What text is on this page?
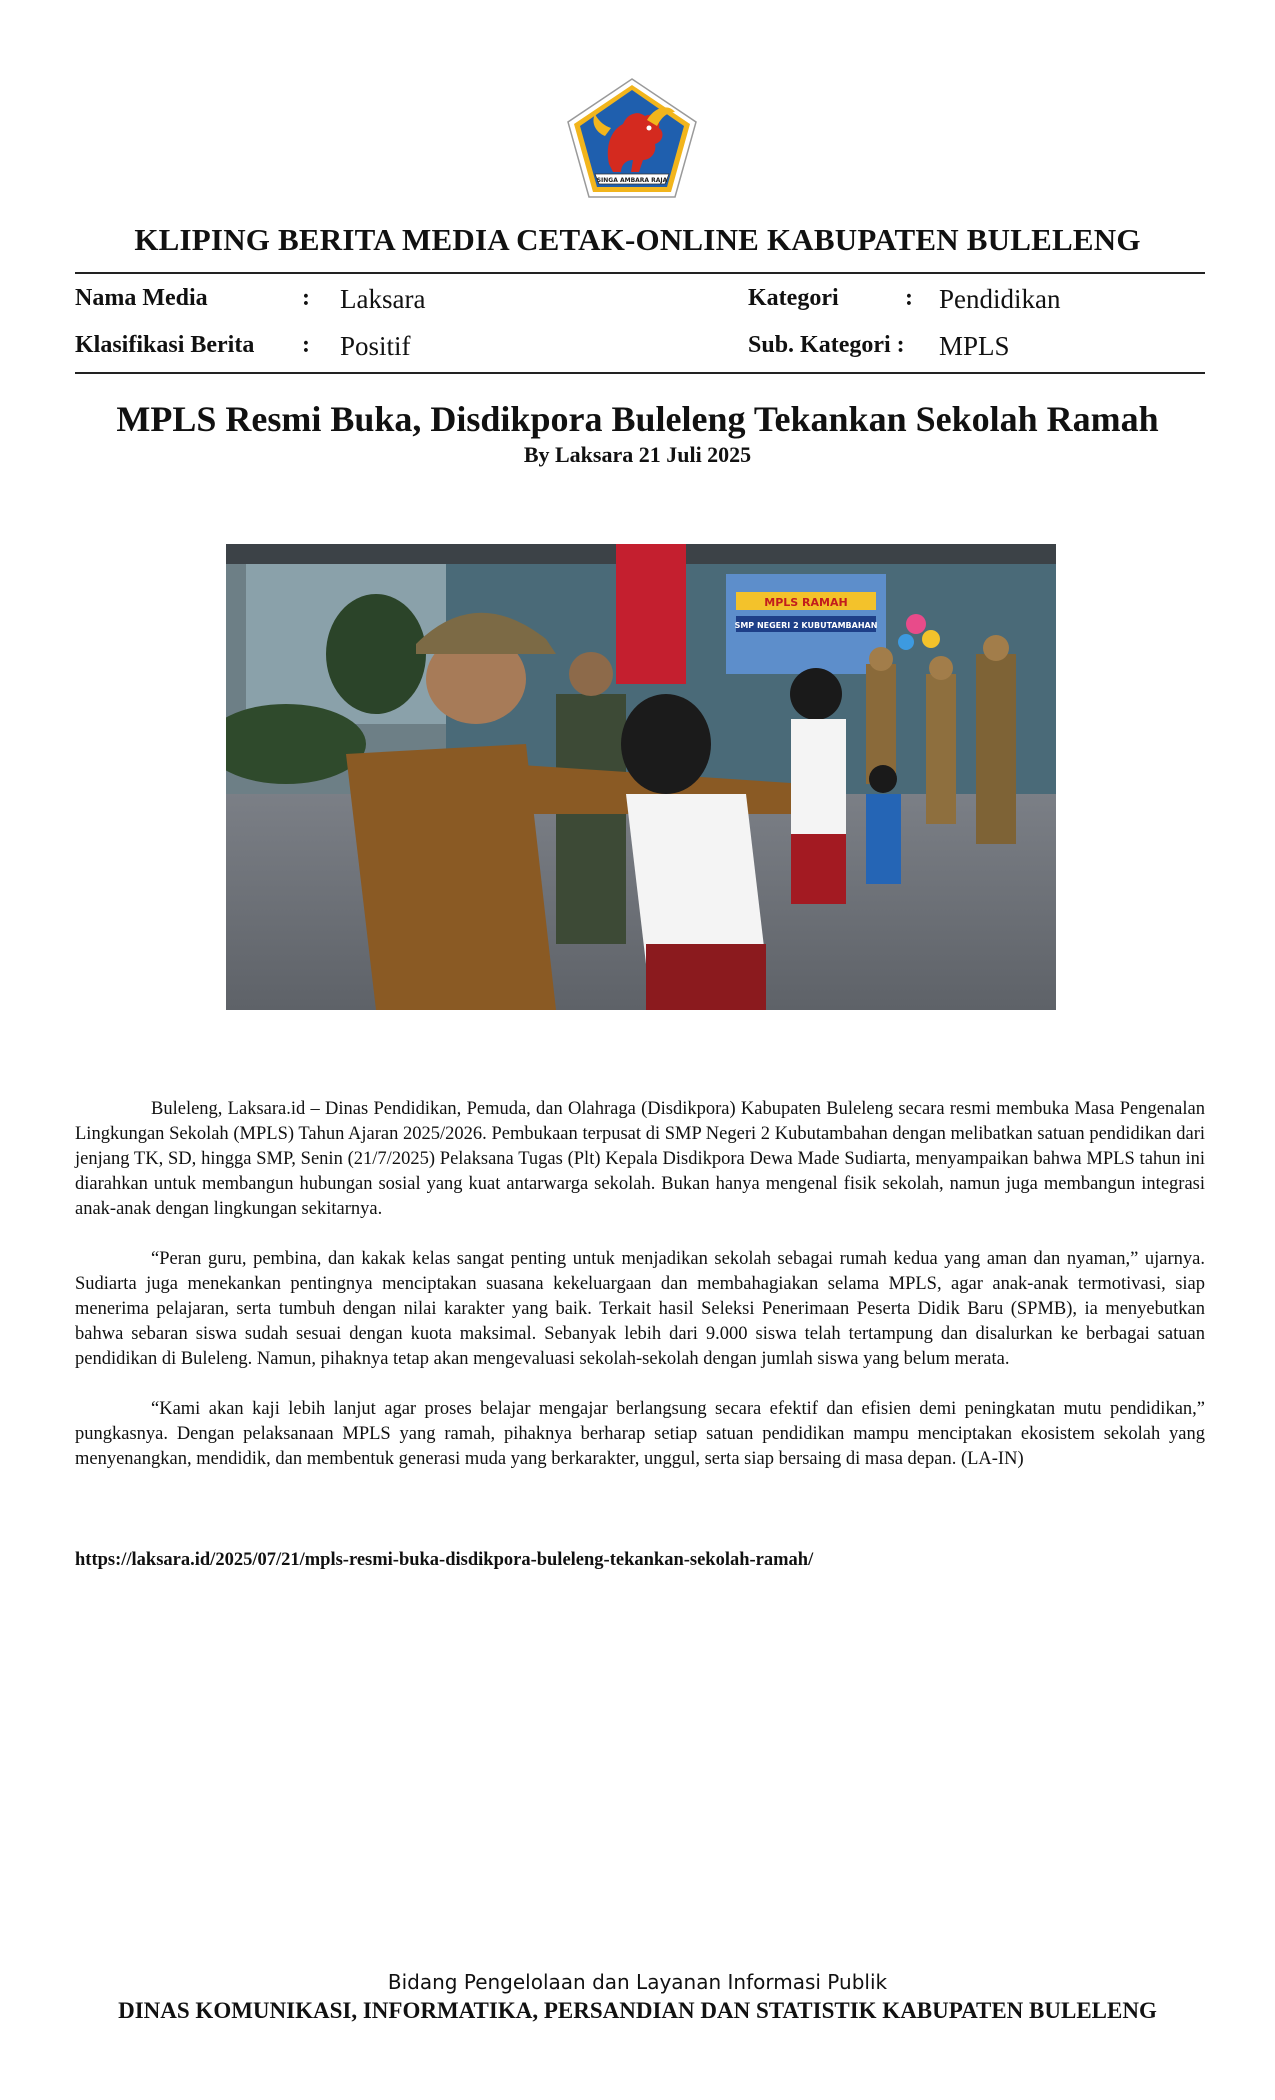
SINGA AMBARA RAJA
KLIPING BERITA MEDIA CETAK-ONLINE KABUPATEN BULELENG
Nama Media	: Laksara
Klasifikasi Berita : Positif
Kategori	: Pendidikan
Sub. Kategori : MPLS
MPLS Resmi Buka, Disdikpora Buleleng Tekankan Sekolah Ramah
By Laksara 21 Juli 2025
MPLS RAMAH
SMP NEGERI 2 KUBUTAMBAHAN

Buleleng, Laksara.id – Dinas Pendidikan, Pemuda, dan Olahraga (Disdikpora) Kabupaten Buleleng secara resmi membuka Masa Pengenalan Lingkungan Sekolah (MPLS) Tahun Ajaran 2025/2026. Pembukaan terpusat di SMP Negeri 2 Kubutambahan dengan melibatkan satuan pendidikan dari jenjang TK, SD, hingga SMP, Senin (21/7/2025) Pelaksana Tugas (Plt) Kepala Disdikpora Dewa Made Sudiarta, menyampaikan bahwa MPLS tahun ini diarahkan untuk membangun hubungan sosial yang kuat antarwarga sekolah. Bukan hanya mengenal fisik sekolah, namun juga membangun integrasi anak-anak dengan lingkungan sekitarnya.

“Peran guru, pembina, dan kakak kelas sangat penting untuk menjadikan sekolah sebagai rumah kedua yang aman dan nyaman,” ujarnya. Sudiarta juga menekankan pentingnya menciptakan suasana kekeluargaan dan membahagiakan selama MPLS, agar anak-anak termotivasi, siap menerima pelajaran, serta tumbuh dengan nilai karakter yang baik. Terkait hasil Seleksi Penerimaan Peserta Didik Baru (SPMB), ia menyebutkan bahwa sebaran siswa sudah sesuai dengan kuota maksimal. Sebanyak lebih dari 9.000 siswa telah tertampung dan disalurkan ke berbagai satuan pendidikan di Buleleng. Namun, pihaknya tetap akan mengevaluasi sekolah-sekolah dengan jumlah siswa yang belum merata.

“Kami akan kaji lebih lanjut agar proses belajar mengajar berlangsung secara efektif dan efisien demi peningkatan mutu pendidikan,” pungkasnya. Dengan pelaksanaan MPLS yang ramah, pihaknya berharap setiap satuan pendidikan mampu menciptakan ekosistem sekolah yang menyenangkan, mendidik, dan membentuk generasi muda yang berkarakter, unggul, serta siap bersaing di masa depan. (LA-IN)

https://laksara.id/2025/07/21/mpls-resmi-buka-disdikpora-buleleng-tekankan-sekolah-ramah/
Bidang Pengelolaan dan Layanan Informasi Publik
DINAS KOMUNIKASI, INFORMATIKA, PERSANDIAN DAN STATISTIK KABUPATEN BULELENG
